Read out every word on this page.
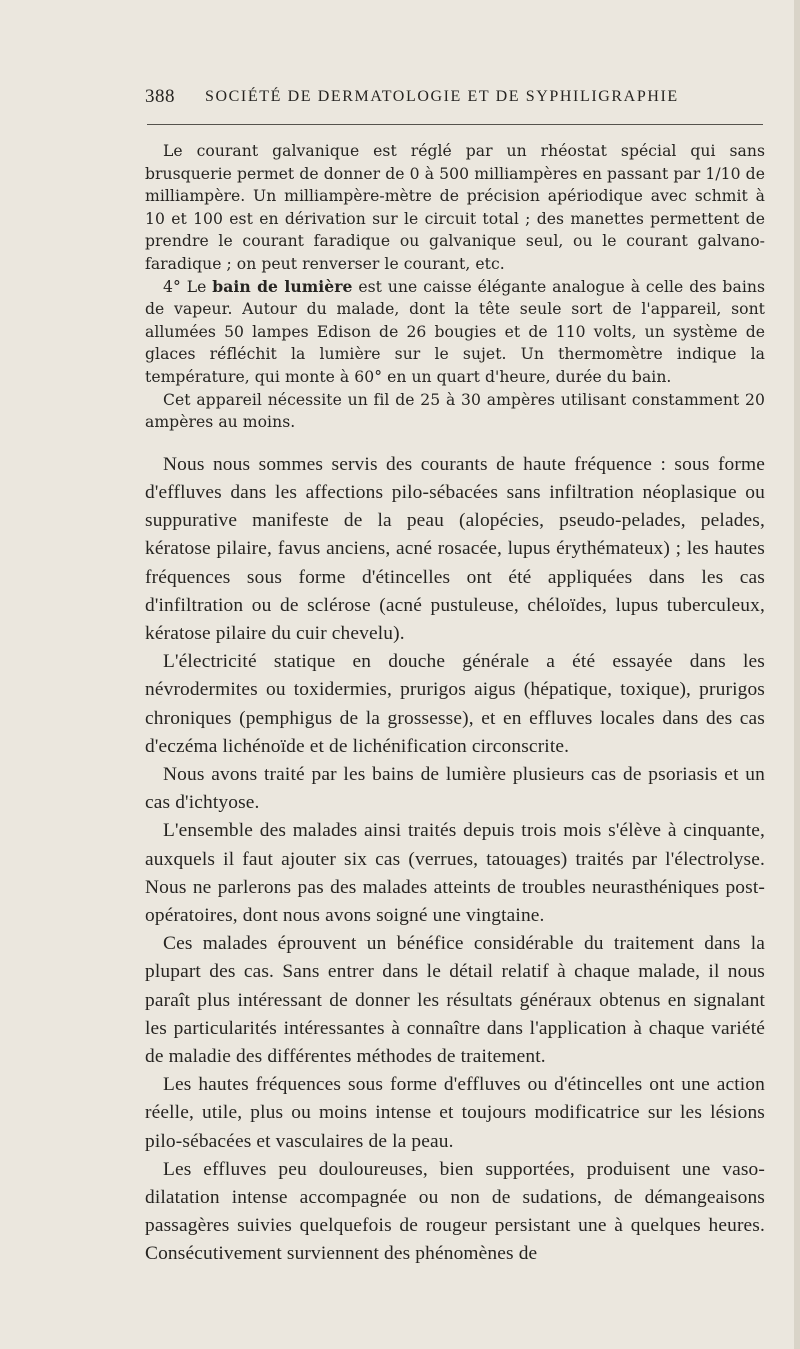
388 SOCIÉTÉ DE DERMATOLOGIE ET DE SYPHILIGRAPHIE

Le courant galvanique est réglé par un rhéostat spécial qui sans brusquerie permet de donner de 0 à 500 milliampères en passant par 1/10 de milliampère. Un milliampère-mètre de précision apériodique avec schmit à 10 et 100 est en dérivation sur le circuit total ; des manettes permettent de prendre le courant faradique ou galvanique seul, ou le courant galvano-faradique ; on peut renverser le courant, etc.

4° Le bain de lumière est une caisse élégante analogue à celle des bains de vapeur. Autour du malade, dont la tête seule sort de l'appareil, sont allumées 50 lampes Edison de 26 bougies et de 110 volts, un système de glaces réfléchit la lumière sur le sujet. Un thermomètre indique la température, qui monte à 60° en un quart d'heure, durée du bain.

Cet appareil nécessite un fil de 25 à 30 ampères utilisant constamment 20 ampères au moins.

Nous nous sommes servis des courants de haute fréquence : sous forme d'effluves dans les affections pilo-sébacées sans infiltration néoplasique ou suppurative manifeste de la peau (alopécies, pseudo-pelades, pelades, kératose pilaire, favus anciens, acné rosacée, lupus érythémateux) ; les hautes fréquences sous forme d'étincelles ont été appliquées dans les cas d'infiltration ou de sclérose (acné pustuleuse, chéloïdes, lupus tuberculeux, kératose pilaire du cuir chevelu).

L'électricité statique en douche générale a été essayée dans les névrodermites ou toxidermies, prurigos aigus (hépatique, toxique), prurigos chroniques (pemphigus de la grossesse), et en effluves locales dans des cas d'eczéma lichénoïde et de lichénification circonscrite.

Nous avons traité par les bains de lumière plusieurs cas de psoriasis et un cas d'ichtyose.

L'ensemble des malades ainsi traités depuis trois mois s'élève à cinquante, auxquels il faut ajouter six cas (verrues, tatouages) traités par l'électrolyse. Nous ne parlerons pas des malades atteints de troubles neurasthéniques post-opératoires, dont nous avons soigné une vingtaine.

Ces malades éprouvent un bénéfice considérable du traitement dans la plupart des cas. Sans entrer dans le détail relatif à chaque malade, il nous paraît plus intéressant de donner les résultats généraux obtenus en signalant les particularités intéressantes à connaître dans l'application à chaque variété de maladie des différentes méthodes de traitement.

Les hautes fréquences sous forme d'effluves ou d'étincelles ont une action réelle, utile, plus ou moins intense et toujours modificatrice sur les lésions pilo-sébacées et vasculaires de la peau.

Les effluves peu douloureuses, bien supportées, produisent une vaso-dilatation intense accompagnée ou non de sudations, de démangeaisons passagères suivies quelquefois de rougeur persistant une à quelques heures. Consécutivement surviennent des phénomènes de
